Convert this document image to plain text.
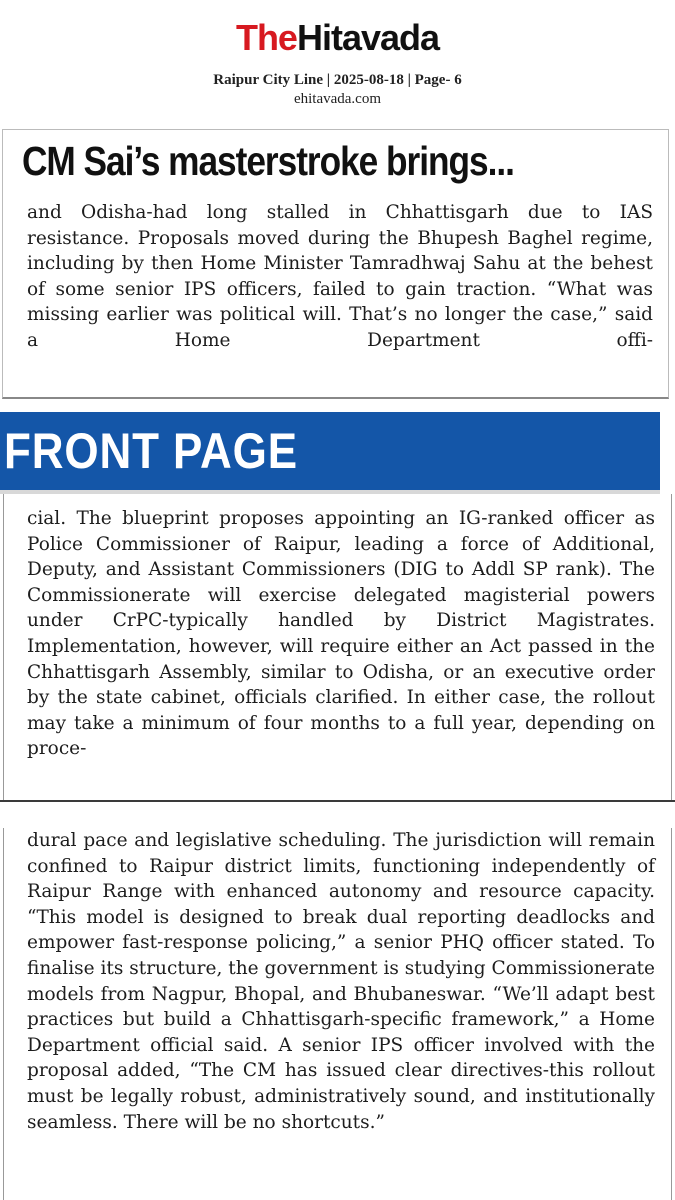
TheHitavada
Raipur City Line | 2025-08-18 | Page- 6
ehitavada.com
CM Sai’s masterstroke brings...

and Odisha-had long stalled in Chhattisgarh due to IAS resistance. Proposals moved during the Bhupesh Baghel regime, including by then Home Minister Tamradhwaj Sahu at the behest of some senior IPS officers, failed to gain traction. “What was missing earlier was political will. That’s no longer the case,” said a Home Department offi-

FRONT PAGE

cial. The blueprint proposes appointing an IG-ranked officer as Police Commissioner of Raipur, leading a force of Additional, Deputy, and Assistant Commissioners (DIG to Addl SP rank). The Commissionerate will exercise delegated magisterial powers under CrPC-typically handled by District Magistrates. Implementation, however, will require either an Act passed in the Chhattisgarh Assembly, similar to Odisha, or an executive order by the state cabinet, officials clarified. In either case, the rollout may take a minimum of four months to a full year, depending on proce-

dural pace and legislative scheduling. The jurisdiction will remain confined to Raipur district limits, functioning independently of Raipur Range with enhanced autonomy and resource capacity. “This model is designed to break dual reporting deadlocks and empower fast-response policing,” a senior PHQ officer stated. To finalise its structure, the government is studying Commissionerate models from Nagpur, Bhopal, and Bhubaneswar. “We’ll adapt best practices but build a Chhattisgarh-specific framework,” a Home Department official said. A senior IPS officer involved with the proposal added, “The CM has issued clear directives-this rollout must be legally robust, administratively sound, and institutionally seamless. There will be no shortcuts.”
